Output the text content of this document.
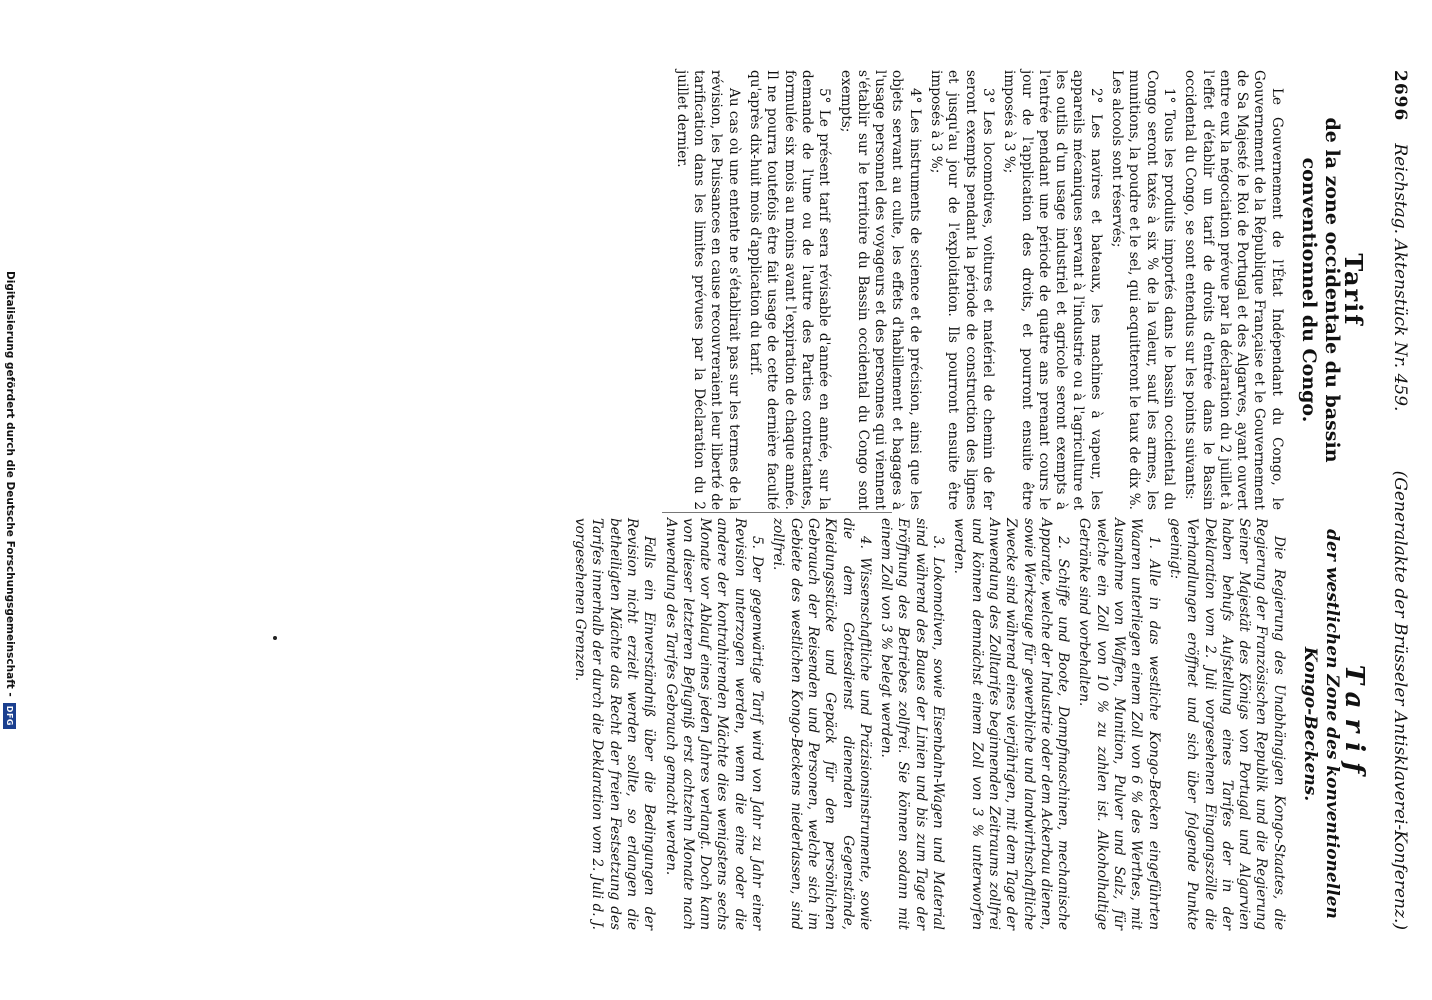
2696
Reichstag. Aktenstück Nr. 459.
(Generalakte der Brüsseler Antisklaverei-Konferenz.)
Tarif
de la zone occidentale du bassin conventionnel du Congo.

Le Gouvernement de l'État Indépendant du Congo, le Gouvernement de la République Française et le Gouvernement de Sa Majesté le Roi de Portugal et des Algarves, ayant ouvert entre eux la négociation prévue par la déclaration du 2 juillet à l'effet d'établir un tarif de droits d'entrée dans le Bassin occidental du Congo, se sont entendus sur les points suivants:

1° Tous les produits importés dans le bassin occidental du Congo seront taxés à six % de la valeur, sauf les armes, les munitions, la poudre et le sel, qui acquitteront le taux de dix %. Les alcools sont réservés;

2° Les navires et bateaux, les machines à vapeur, les appareils mécaniques servant à l'industrie ou à l'agriculture et les outils d'un usage industriel et agricole seront exempts à l'entrée pendant une période de quatre ans prenant cours le jour de l'application des droits, et pourront ensuite être imposés à 3 %;

3° Les locomotives, voitures et matériel de chemin de fer seront exempts pendant la période de construction des lignes et jusqu'au jour de l'exploitation. Ils pourront ensuite être imposés à 3 %;

4° Les instruments de science et de précision, ainsi que les objets servant au culte, les effets d'habillement et bagages à l'usage personnel des voyageurs et des personnes qui viennent s'établir sur le territoire du Bassin occidental du Congo sont exempts;

5° Le présent tarif sera révisable d'année en année, sur la demande de l'une ou de l'autre des Parties contractantes, formulée six mois au moins avant l'expiration de chaque année. Il ne pourra toutefois être fait usage de cette dernière faculté qu'après dix-huit mois d'application du tarif.

Au cas où une entente ne s'établirait pas sur les termes de la révision, les Puissances en cause recouvreraient leur liberté de tarification dans les limites prévues par la Déclaration du 2 juillet dernier.

Tarif
der westlichen Zone des konventionellen Kongo-Beckens.

Die Regierung des Unabhängigen Kongo-Staates, die Regierung der Französischen Republik und die Regierung Seiner Majestät des Königs von Portugal und Algarvien haben behufs Aufstellung eines Tarifes der in der Deklaration vom 2. Juli vorgesehenen Eingangszölle die Verhandlungen eröffnet und sich über folgende Punkte geeinigt:

1. Alle in das westliche Kongo-Becken eingeführten Waaren unterliegen einem Zoll von 6 % des Werthes, mit Ausnahme von Waffen, Munition, Pulver und Salz, für welche ein Zoll von 10 % zu zahlen ist. Alkoholhaltige Getränke sind vorbehalten.

2. Schiffe und Boote, Dampfmaschinen, mechanische Apparate, welche der Industrie oder dem Ackerbau dienen, sowie Werkzeuge für gewerbliche und landwirthschaftliche Zwecke sind während eines vierjährigen, mit dem Tage der Anwendung des Zolltarifes beginnenden Zeitraums zollfrei und können demnächst einem Zoll von 3 % unterworfen werden.

3. Lokomotiven, sowie Eisenbahn-Wagen und Material sind während des Baues der Linien und bis zum Tage der Eröffnung des Betriebes zollfrei. Sie können sodann mit einem Zoll von 3 % belegt werden.

4. Wissenschaftliche und Präzisionsinstrumente, sowie die dem Gottesdienst dienenden Gegenstände, Kleidungsstücke und Gepäck für den persönlichen Gebrauch der Reisenden und Personen, welche sich im Gebiete des westlichen Kongo-Beckens niederlassen, sind zollfrei.

5. Der gegenwärtige Tarif wird von Jahr zu Jahr einer Revision unterzogen werden, wenn die eine oder die andere der kontrahirenden Mächte dies wenigstens sechs Monate vor Ablauf eines jeden Jahres verlangt. Doch kann von dieser letzteren Befugniß erst achtzehn Monate nach Anwendung des Tarifes Gebrauch gemacht werden.

Falls ein Einverständniß über die Bedingungen der Revision nicht erzielt werden sollte, so erlangen die betheiligten Mächte das Recht der freien Festsetzung des Tarifes innerhalb der durch die Deklaration vom 2. Juli d. J. vorgesehenen Grenzen.

Digitalisierung gefördert durch die Deutsche Forschungsgemeinschaft -
DFG
